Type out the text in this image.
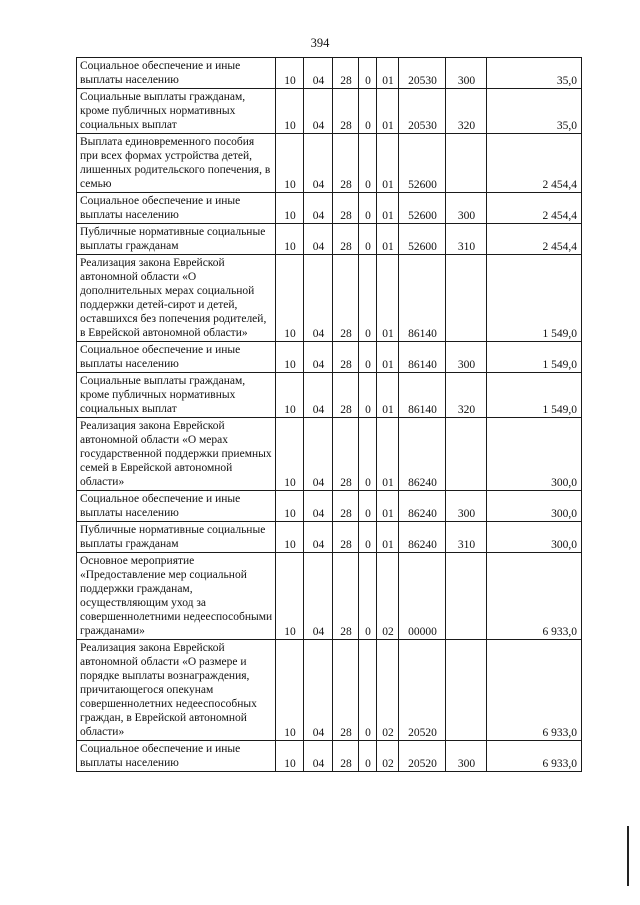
394
Социальное обеспечение и иные выплаты населению	10	04	28	0	01	20530	300	35,0
Социальные выплаты гражданам, кроме публичных нормативных социальных выплат	10	04	28	0	01	20530	320	35,0
Выплата единовременного пособия при всех формах устройства детей, лишенных родительского попечения, в семью	10	04	28	0	01	52600		2 454,4
Социальное обеспечение и иные выплаты населению	10	04	28	0	01	52600	300	2 454,4
Публичные нормативные социальные выплаты гражданам	10	04	28	0	01	52600	310	2 454,4
Реализация закона Еврейской автономной области «О дополнительных мерах социальной поддержки детей-сирот и детей, оставшихся без попечения родителей, в Еврейской автономной области»	10	04	28	0	01	86140		1 549,0
Социальное обеспечение и иные выплаты населению	10	04	28	0	01	86140	300	1 549,0
Социальные выплаты гражданам, кроме публичных нормативных социальных выплат	10	04	28	0	01	86140	320	1 549,0
Реализация закона Еврейской автономной области «О мерах государственной поддержки приемных семей в Еврейской автономной области»	10	04	28	0	01	86240		300,0
Социальное обеспечение и иные выплаты населению	10	04	28	0	01	86240	300	300,0
Публичные нормативные социальные выплаты гражданам	10	04	28	0	01	86240	310	300,0
Основное мероприятие «Предоставление мер социальной поддержки гражданам, осуществляющим уход за совершеннолетними недееспособными гражданами»	10	04	28	0	02	00000		6 933,0
Реализация закона Еврейской автономной области «О размере и порядке выплаты вознаграждения, причитающегося опекунам совершеннолетних недееспособных граждан, в Еврейской автономной области»	10	04	28	0	02	20520		6 933,0
Социальное обеспечение и иные выплаты населению	10	04	28	0	02	20520	300	6 933,0
